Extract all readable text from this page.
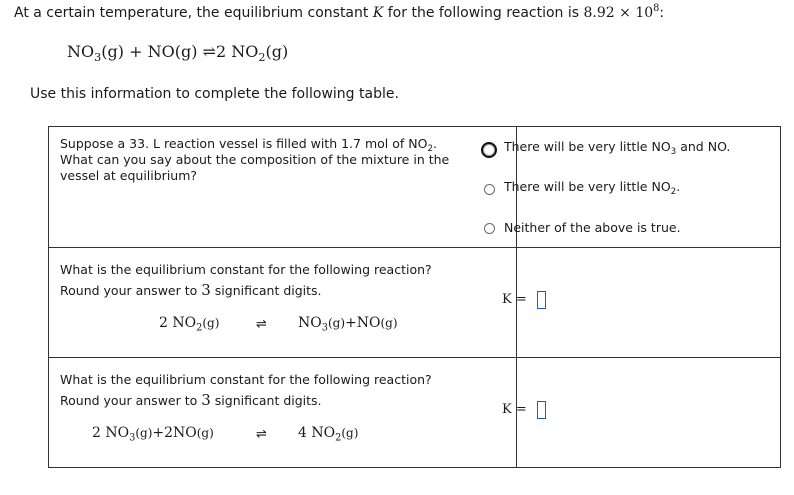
At a certain temperature, the equilibrium constant K for the following reaction is $8.92 \times 10^8$:
$NO_3(g) + NO(g)$ ⇌2 $NO_2(g)$
Use this information to complete the following table.
Suppose a 33. L reaction vessel is filled with 1.7 mol of $NO_2$.
What can you say about the composition of the mixture in the
vessel at equilibrium?
There will be very little $NO_3$ and NO.
There will be very little $NO_2$.
Neither of the above is true.
What is the equilibrium constant for the following reaction?
Round your answer to 3 significant digits.
2 $NO_2(g)$	⇌ $NO_3(g)+NO(g)$
K =
What is the equilibrium constant for the following reaction?
Round your answer to 3 significant digits.
2 $NO_3(g)+2NO(g)$	⇌ 4 $NO_2(g)$
K =
